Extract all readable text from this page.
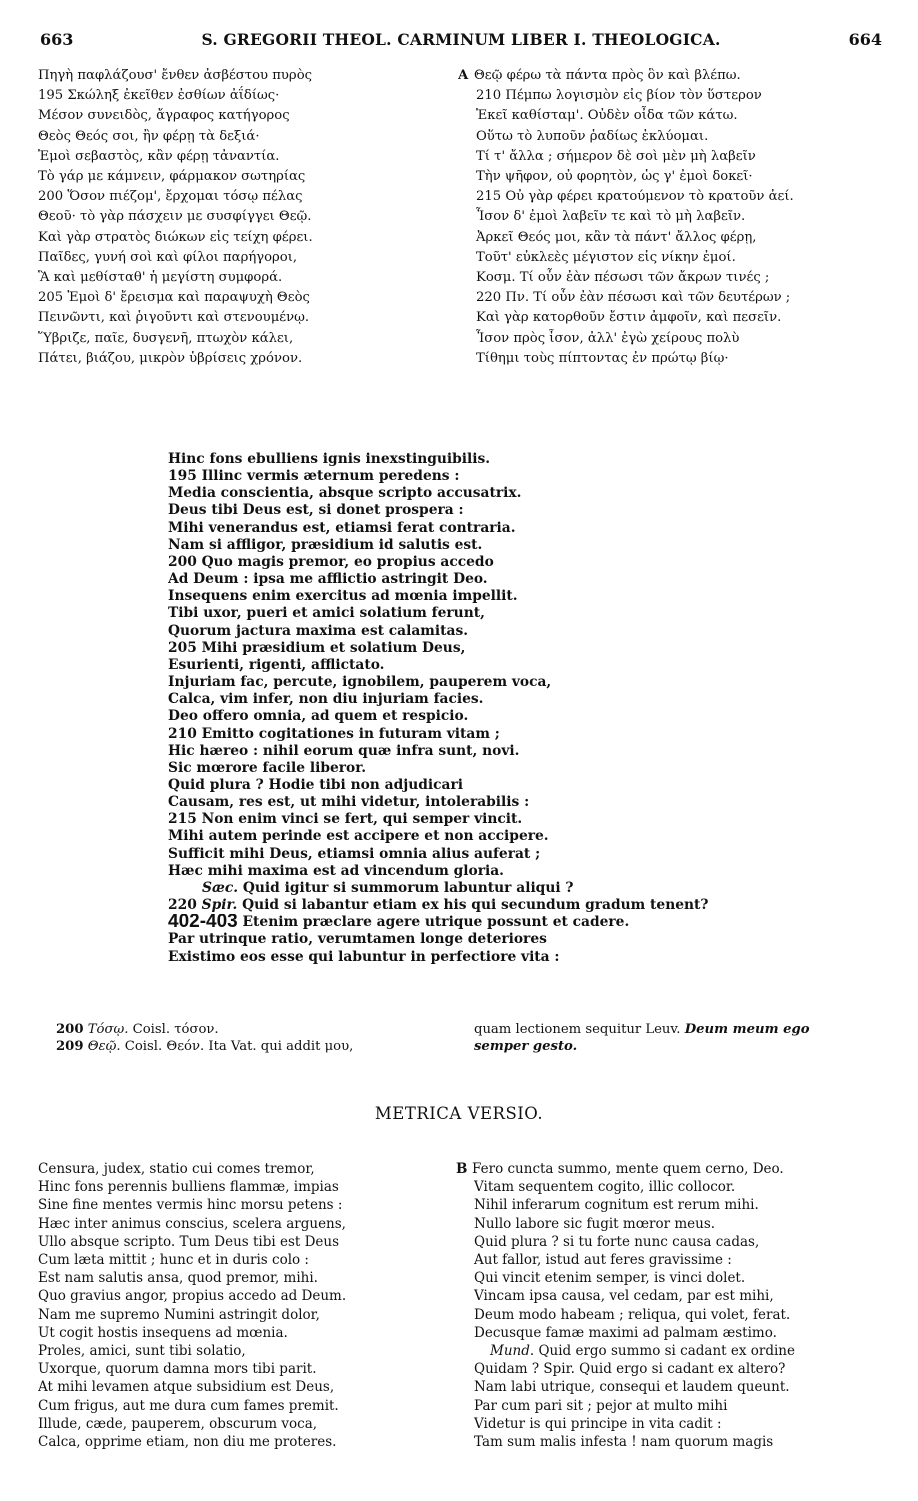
663	S. GREGORII THEOL. CARMINUM LIBER I. THEOLOGICA.	664
Πηγὴ παφλάζουσ' ἔνθεν ἀσβέστου πυρὸς
195 Σκώληξ ἐκεῖθεν ἐσθίων ἀΐδίως·
Μέσον συνειδὸς, ἄγραφος κατήγορος
Θεὸς Θεός σοι, ἢν φέρῃ τὰ δεξιά·
Ἐμοὶ σεβαστὸς, κἂν φέρῃ τἀναντία.
Τὸ γάρ με κάμνειν, φάρμακον σωτηρίας
200 Ὅσον πιέζομ', ἔρχομαι τόσῳ πέλας
Θεοῦ· τὸ γὰρ πάσχειν με συσφίγγει Θεῷ.
Καὶ γὰρ στρατὸς διώκων εἰς τείχη φέρει.
Παῖδες, γυνή σοὶ καὶ φίλοι παρήγοροι,
Ἃ καὶ μεθίσταθ' ἡ μεγίστη συμφορά.
205 Ἐμοὶ δ' ἔρεισμα καὶ παραψυχὴ Θεὸς
Πεινῶντι, καὶ ῥιγοῦντι καὶ στενουμένῳ.
Ὕβριζε, παῖε, δυσγενῆ, πτωχὸν κάλει,
Πάτει, βιάζου, μικρὸν ὑβρίσεις χρόνον.
A Θεῷ φέρω τὰ πάντα πρὸς ὃν καὶ βλέπω.
210 Πέμπω λογισμὸν εἰς βίον τὸν ὕστερον
Ἐκεῖ καθίσταμ'. Οὐδὲν οἶδα τῶν κάτω.
Οὕτω τὸ λυποῦν ῥαδίως ἐκλύομαι.
Τί τ' ἄλλα ; σήμερον δὲ σοὶ μὲν μὴ λαβεῖν
Τὴν ψῆφον, οὐ φορητὸν, ὡς γ' ἐμοὶ δοκεῖ·
215 Οὐ γὰρ φέρει κρατούμενον τὸ κρατοῦν ἀεί.
Ἶσον δ' ἐμοὶ λαβεῖν τε καὶ τὸ μὴ λαβεῖν.
Ἀρκεῖ Θεός μοι, κἂν τὰ πάντ' ἄλλος φέρῃ,
Τοῦτ' εὐκλεὲς μέγιστον εἰς νίκην ἐμοί.
Κοσμ. Τί οὖν ἐὰν πέσωσι τῶν ἄκρων τινές ;
220 Πν. Τί οὖν ἐὰν πέσωσι καὶ τῶν δευτέρων ;
Καὶ γὰρ κατορθοῦν ἔστιν ἀμφοῖν, καὶ πεσεῖν.
Ἶσον πρὸς ἶσον, ἀλλ' ἐγὼ χείρους πολὺ
Τίθημι τοὺς πίπτοντας ἐν πρώτῳ βίῳ·
Hinc fons ebulliens ignis inexstinguibilis.
195 Illinc vermis æternum peredens :
Media conscientia, absque scripto accusatrix.
Deus tibi Deus est, si donet prospera :
Mihi venerandus est, etiamsi ferat contraria.
Nam si affligor, præsidium id salutis est.
200 Quo magis premor, eo propius accedo
Ad Deum : ipsa me afflictio astringit Deo.
Insequens enim exercitus ad mœnia impellit.
Tibi uxor, pueri et amici solatium ferunt,
Quorum jactura maxima est calamitas.
205 Mihi præsidium et solatium Deus,
Esurienti, rigenti, afflictato.
Injuriam fac, percute, ignobilem, pauperem voca,
Calca, vim infer, non diu injuriam facies.
Deo offero omnia, ad quem et respicio.
210 Emitto cogitationes in futuram vitam ;
Hic hæreo : nihil eorum quæ infra sunt, novi.
Sic mœrore facile liberor.
Quid plura ? Hodie tibi non adjudicari
Causam, res est, ut mihi videtur, intolerabilis :
215 Non enim vinci se fert, qui semper vincit.
Mihi autem perinde est accipere et non accipere.
Sufficit mihi Deus, etiamsi omnia alius auferat ;
Hæc mihi maxima est ad vincendum gloria.
Sæc. Quid igitur si summorum labuntur aliqui ?
220 Spir. Quid si labantur etiam ex his qui secundum gradum tenent?
402-403 Etenim præclare agere utrique possunt et cadere.
Par utrinque ratio, verumtamen longe deteriores
Existimo eos esse qui labuntur in perfectiore vita :
200 Τόσῳ. Coisl. τόσον.
209 Θεῷ. Coisl. Θεόν. Ita Vat. qui addit μου,
quam lectionem sequitur Leuv. Deum meum ego
semper gesto.
METRICA VERSIO.
Censura, judex, statio cui comes tremor,
Hinc fons perennis bulliens flammæ, impias
Sine fine mentes vermis hinc morsu petens :
Hæc inter animus conscius, scelera arguens,
Ullo absque scripto. Tum Deus tibi est Deus
Cum læta mittit ; hunc et in duris colo :
Est nam salutis ansa, quod premor, mihi.
Quo gravius angor, propius accedo ad Deum.
Nam me supremo Numini astringit dolor,
Ut cogit hostis insequens ad mœnia.
Proles, amici, sunt tibi solatio,
Uxorque, quorum damna mors tibi parit.
At mihi levamen atque subsidium est Deus,
Cum frigus, aut me dura cum fames premit.
Illude, cæde, pauperem, obscurum voca,
Calca, opprime etiam, non diu me proteres.
B Fero cuncta summo, mente quem cerno, Deo.
Vitam sequentem cogito, illic collocor.
Nihil inferarum cognitum est rerum mihi.
Nullo labore sic fugit mœror meus.
Quid plura ? si tu forte nunc causa cadas,
Aut fallor, istud aut feres gravissime :
Qui vincit etenim semper, is vinci dolet.
Vincam ipsa causa, vel cedam, par est mihi,
Deum modo habeam ; reliqua, qui volet, ferat.
Decusque famæ maximi ad palmam æstimo.
Mund. Quid ergo summo si cadant ex ordine
Quidam ? Spir. Quid ergo si cadant ex altero?
Nam labi utrique, consequi et laudem queunt.
Par cum pari sit ; pejor at multo mihi
Videtur is qui principe in vita cadit :
Tam sum malis infesta ! nam quorum magis
